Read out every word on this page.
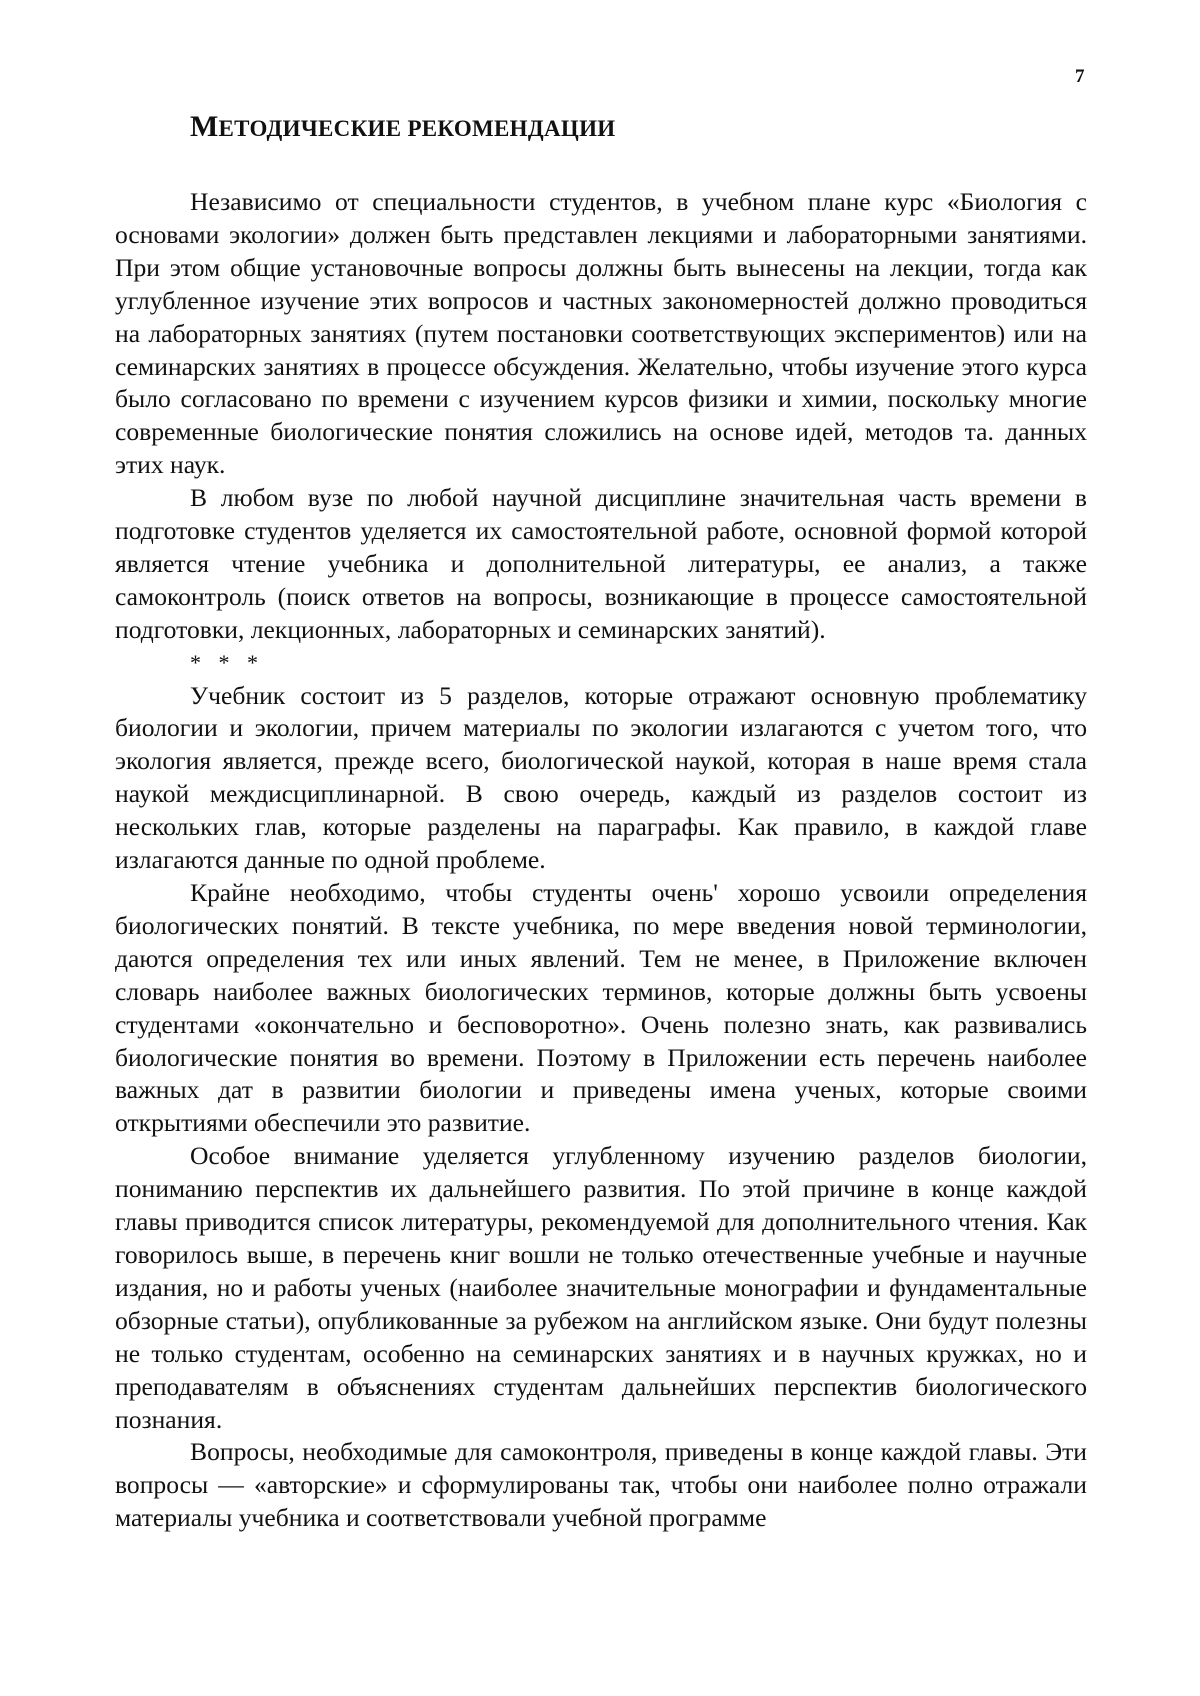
7
МЕТОДИЧЕСКИЕ РЕКОМЕНДАЦИИ

Независимо от специальности студентов, в учебном плане курс «Биология с основами экологии» должен быть представлен лекциями и лабораторными занятиями. При этом общие установочные вопросы должны быть вынесены на лекции, тогда как углубленное изучение этих вопросов и частных закономерностей должно проводиться на лабораторных занятиях (путем постановки соответствующих экспериментов) или на семинарских занятиях в процессе обсуждения. Желательно, чтобы изучение этого курса было согласовано по времени с изучением курсов физики и химии, поскольку многие современные биологические понятия сложились на основе идей, методов та. данных этих наук.

В любом вузе по любой научной дисциплине значительная часть времени в подготовке студентов уделяется их самостоятельной работе, основной формой которой является чтение учебника и дополнительной литературы, ее анализ, а также самоконтроль (поиск ответов на вопросы, возникающие в процессе самостоятельной подготовки, лекционных, лабораторных и семинарских занятий).

* * *

Учебник состоит из 5 разделов, которые отражают основную проблематику биологии и экологии, причем материалы по экологии излагаются с учетом того, что экология является, прежде всего, биологической наукой, которая в наше время стала наукой междисциплинарной. В свою очередь, каждый из разделов состоит из нескольких глав, которые разделены на параграфы. Как правило, в каждой главе излагаются данные по одной проблеме.

Крайне необходимо, чтобы студенты очень' хорошо усвоили определения биологических понятий. В тексте учебника, по мере введения новой терминологии, даются определения тех или иных явлений. Тем не менее, в Приложение включен словарь наиболее важных биологических терминов, которые должны быть усвоены студентами «окончательно и бесповоротно». Очень полезно знать, как развивались биологические понятия во времени. Поэтому в Приложении есть перечень наиболее важных дат в развитии биологии и приведены имена ученых, которые своими открытиями обеспечили это развитие.

Особое внимание уделяется углубленному изучению разделов биологии, пониманию перспектив их дальнейшего развития. По этой причине в конце каждой главы приводится список литературы, рекомендуемой для дополнительного чтения. Как говорилось выше, в перечень книг вошли не только отечественные учебные и научные издания, но и работы ученых (наиболее значительные монографии и фундаментальные обзорные статьи), опубликованные за рубежом на английском языке. Они будут полезны не только студентам, особенно на семинарских занятиях и в научных кружках, но и преподавателям в объяснениях студентам дальнейших перспектив биологического познания.

Вопросы, необходимые для самоконтроля, приведены в конце каждой главы. Эти вопросы — «авторские» и сформулированы так, чтобы они наиболее полно отражали материалы учебника и соответствовали учебной программе
